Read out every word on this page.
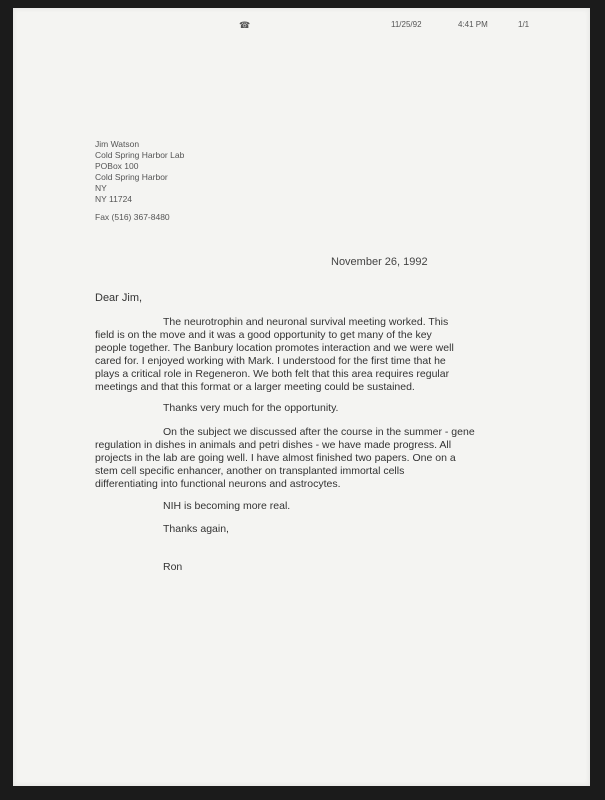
☎	11/25/92	4:41 PM	1/1
Jim Watson
Cold Spring Harbor Lab
POBox 100
Cold Spring Harbor
NY
NY 11724
Fax (516) 367-8480
November 26, 1992
Dear Jim,

The neurotrophin and neuronal survival meeting worked. This
field is on the move and it was a good opportunity to get many of the key
people together. The Banbury location promotes interaction and we were well
cared for. I enjoyed working with Mark. I understood for the first time that he
plays a critical role in Regeneron. We both felt that this area requires regular
meetings and that this format or a larger meeting could be sustained.

Thanks very much for the opportunity.

On the subject we discussed after the course in the summer - gene
regulation in dishes in animals and petri dishes - we have made progress. All
projects in the lab are going well. I have almost finished two papers. One on a
stem cell specific enhancer, another on transplanted immortal cells
differentiating into functional neurons and astrocytes.

NIH is becoming more real.

Thanks again,

Ron
